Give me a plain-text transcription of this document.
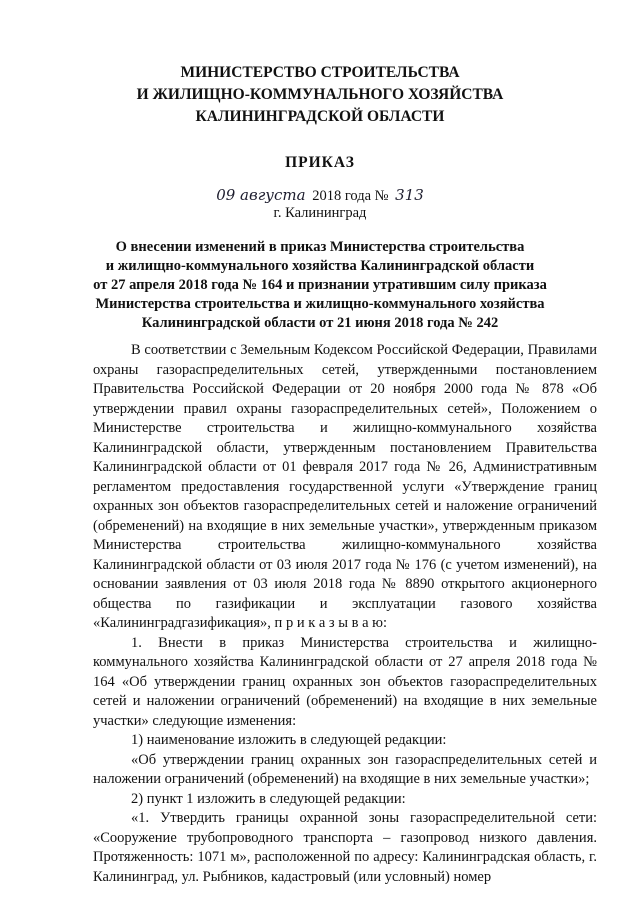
МИНИСТЕРСТВО СТРОИТЕЛЬСТВА
И ЖИЛИЩНО-КОММУНАЛЬНОГО ХОЗЯЙСТВА
КАЛИНИНГРАДСКОЙ ОБЛАСТИ
ПРИКАЗ
09 августа 2018 года № 313
г. Калининград
О внесении изменений в приказ Министерства строительства
и жилищно-коммунального хозяйства Калининградской области
от 27 апреля 2018 года № 164 и признании утратившим силу приказа
Министерства строительства и жилищно-коммунального хозяйства
Калининградской области от 21 июня 2018 года № 242

В соответствии с Земельным Кодексом Российской Федерации, Правилами охраны газораспределительных сетей, утвержденными постановлением Правительства Российской Федерации от 20 ноября 2000 года № 878 «Об утверждении правил охраны газораспределительных сетей», Положением о Министерстве строительства и жилищно-коммунального хозяйства Калининградской области, утвержденным постановлением Правительства Калининградской области от 01 февраля 2017 года № 26, Административным регламентом предоставления государственной услуги «Утверждение границ охранных зон объектов газораспределительных сетей и наложение ограничений (обременений) на входящие в них земельные участки», утвержденным приказом Министерства строительства жилищно-коммунального хозяйства Калининградской области от 03 июля 2017 года № 176 (с учетом изменений), на основании заявления от 03 июля 2018 года № 8890 открытого акционерного общества по газификации и эксплуатации газового хозяйства «Калининградгазификация», п р и к а з ы в а ю:

1. Внести в приказ Министерства строительства и жилищно-коммунального хозяйства Калининградской области от 27 апреля 2018 года № 164 «Об утверждении границ охранных зон объектов газораспределительных сетей и наложении ограничений (обременений) на входящие в них земельные участки» следующие изменения:

1) наименование изложить в следующей редакции:

«Об утверждении границ охранных зон газораспределительных сетей и наложении ограничений (обременений) на входящие в них земельные участки»;

2) пункт 1 изложить в следующей редакции:

«1. Утвердить границы охранной зоны газораспределительной сети: «Сооружение трубопроводного транспорта – газопровод низкого давления. Протяженность: 1071 м», расположенной по адресу: Калининградская область, г. Калининград, ул. Рыбников, кадастровый (или условный) номер
